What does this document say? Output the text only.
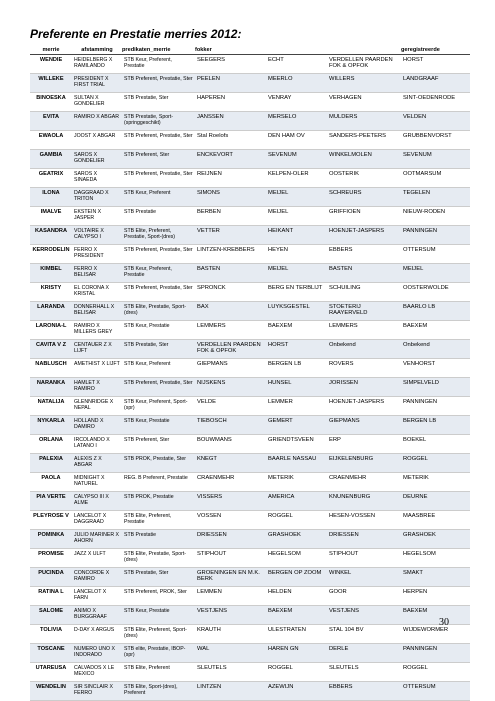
Preferente en Prestatie merries 2012:
merrie	afstamming	predikaten_merrie	fokker			geregistreerde
WENDIE	HEIDELBERG X RAMILANDO	STB Keur, Preferent, Prestatie	SEEGERS	ECHT	VERDELLEN PAARDEN FOK & OPFOK	HORST
WILLEKE	PRESIDENT X FIRST TRIAL	STB Preferent, Prestatie, Ster	PEELEN	MEERLO	WILLERS	LANDGRAAF
BINOESKA	SULTAN X GONDELIER	STB Prestatie, Ster	HAPEREN	VENRAY	VERHAGEN	SINT-OEDENRODE
EVITA	RAMIRO X ABGAR	STB Prestatie, Sport-(springgeschikt)	JANSSEN	MERSELO	MULDERS	VELDEN
EWAOLA	JOOST X ABGAR	STB Preferent, Prestatie, Ster	Stal Roelofs	DEN HAM OV	SANDERS-PEETERS	GRUBBENVORST
GAMBIA	SAROS X GONDELIER	STB Preferent, Ster	ENCKEVORT	SEVENUM	WINKELMOLEN	SEVENUM
GEATRIX	SAROS X SINAEDA	STB Preferent, Prestatie, Ster	REIJNEN	KELPEN-OLER	OOSTERIK	OOTMARSUM
ILONA	DAGGRAAD X TRITON	STB Keur, Preferent	SIMONS	MEIJEL	SCHREURS	TEGELEN
IMALVE	EKSTEIN X JASPER	STB Prestatie	BERBEN	MEIJEL	GRIFFIOEN	NIEUW-RODEN
KASANDRA	VOLTAIRE X CALYPSO I	STB Elite, Preferent, Prestatie, Sport-(dres)	VETTER	HEIKANT	HOENJET-JASPERS	PANNINGEN
KERRODELIN	FERRO X PRESIDENT	STB Preferent, Prestatie, Ster	LINTZEN-KREBBERS	HEYEN	EBBERS	OTTERSUM
KIMBEL	FERRO X BELISAR	STB Keur, Preferent, Prestatie	BASTEN	MEIJEL	BASTEN	MEIJEL
KRISTY	EL CORONA X KRISTAL	STB Preferent, Prestatie, Ster	SPRONCK	BERG EN TERBLIJT	SCHUILING	OOSTERWOLDE
LARANDA	DONNERHALL X BELISAR	STB Elite, Prestatie, Sport-(dres)	BAX	LUYKSGESTEL	STOETERIJ RAAYERVELD	BAARLO LB
LARONIA-L	RAMIRO X MILLERS GREY	STB Keur, Prestatie	LEMMERS	BAEXEM	LEMMERS	BAEXEM
CAVITA V Z	CENTAUER Z X LIJFT	STB Prestatie, Ster	VERDELLEN PAARDEN FOK & OPFOK	HORST	Onbekend	Onbekend
NABLUSCH	AMETHIST X LIJFT	STB Keur, Preferent	GIEPMANS	BERGEN LB	ROVERS	VENHORST
NARANKA	HAMLET X RAMIRO	STB Preferent, Prestatie, Ster	NIJSKENS	HUNSEL	JORISSEN	SIMPELVELD
NATALIJA	GLENNRIDGE X NEPAL	STB Keur, Preferent, Sport-(spr)	VELDE	LEMMER	HOENJET-JASPERS	PANNINGEN
NYKARLA	HOLLAND X DAMIRO	STB Keur, Prestatie	TIEBOSCH	GEMERT	GIEPMANS	BERGEN LB
ORLANA	IRCOLANDO X LATANO I	STB Preferent, Ster	BOUWMANS	GRIENDTSVEEN	ERP	BOEKEL
PALEXIA	ALEXIS Z X ABGAR	STB PROK, Prestatie, Ster	KNEGT	BAARLE NASSAU	EIJKELENBURG	ROGGEL
PAOLA	MIDNIGHT X NATUREL	REG. B Preferent, Prestatie	CRAENMEHR	METERIK	CRAENMEHR	METERIK
PIA VERTE	CALYPSO III X ALME	STB PROK, Prestatie	VISSERS	AMERICA	KNUNENBURG	DEURNE
PLEYROSE V	LANCELOT X DAGGRAAD	STB Elite, Preferent, Prestatie	VOSSEN	ROGGEL	HESEN-VOSSEN	MAASBREE
POMINKA	JULIO MARINER X AHORN	STB Prestatie	DRIESSEN	GRASHOEK	DRIESSEN	GRASHOEK
PROMISE	JAZZ X ULFT	STB Elite, Prestatie, Sport-(dres)	STIPHOUT	HEGELSOM	STIPHOUT	HEGELSOM
PUCINDA	CONCORDE X RAMIRO	STB Prestatie, Ster	GROENINGEN EN M.K. BERK	BERGEN OP ZOOM	WINKEL	SMAKT
RATINA L	LANCELOT X FARN	STB Preferent, PROK, Ster	LEMMEN	HELDEN	GOOR	HERPEN
SALOME	ANIMO X BURGGRAAF	STB Keur, Prestatie	VESTJENS	BAEXEM	VESTJENS	BAEXEM
TOLIVIA	D-DAY X ARGUS	STB Elite, Preferent, Sport-(dres)	KRAUTH	ULESTRATEN	STAL 104 BV	WIJDEWORMER
TOSCANE	NUMERO UNO X INDORADO	STB elite, Prestatie, IBOP-(spr)	WAL	HAREN GN	DERLE	PANNINGEN
UTAREUSA	CALVADOS X LE MEXICO	STB Elite, Preferent	SLEUTELS	ROGGEL	SLEUTELS	ROGGEL
WENDELIN	SIR SINCLAIR X FERRO	STB Elite, Sport-(dres), Preferent	LINTZEN	AZEWIJN	EBBERS	OTTERSUM
30
